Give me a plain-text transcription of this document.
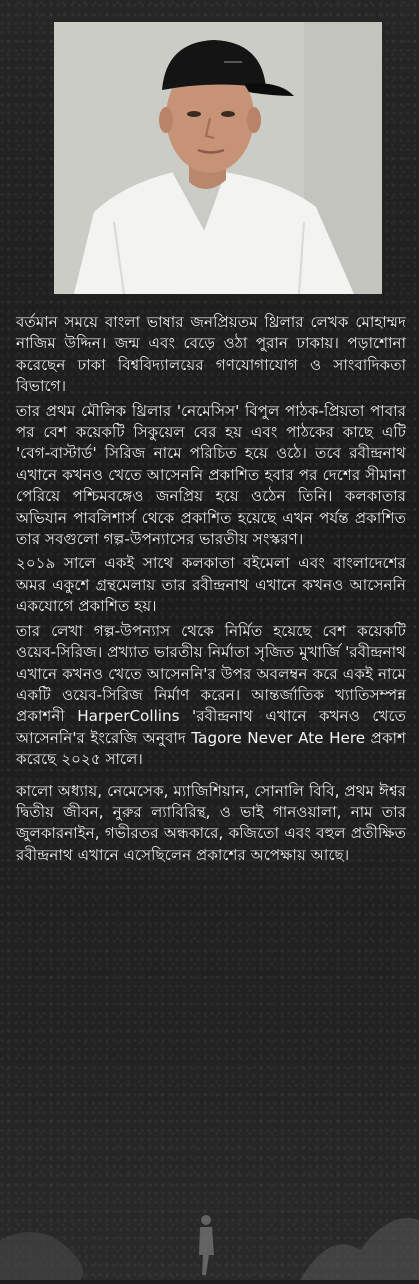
বর্তমান সময়ে বাংলা ভাষার জনপ্রিয়তম থ্রিলার লেখক মোহাম্মদ নাজিম উদ্দিন। জন্ম এবং বেড়ে ওঠা পুরান ঢাকায়। পড়াশোনা করেছেন ঢাকা বিশ্ববিদ্যালয়ের গণযোগাযোগ ও সাংবাদিকতা বিভাগে।

তার প্রথম মৌলিক থ্রিলার 'নেমেসিস' বিপুল পাঠক-প্রিয়তা পাবার পর বেশ কয়েকটি সিকুয়েল বের হয় এবং পাঠকের কাছে এটি 'বেগ-বাস্টার্ড' সিরিজ নামে পরিচিত হয়ে ওঠে। তবে রবীন্দ্রনাথ এখানে কখনও খেতে আসেননি প্রকাশিত হবার পর দেশের সীমানা পেরিয়ে পশ্চিমবঙ্গেও জনপ্রিয় হয়ে ওঠেন তিনি। কলকাতার অভিযান পাবলিশার্স থেকে প্রকাশিত হয়েছে এখন পর্যন্ত প্রকাশিত তার সবগুলো গল্প-উপন্যাসের ভারতীয় সংস্করণ।

২০১৯ সালে একই সাথে কলকাতা বইমেলা এবং বাংলাদেশের অমর একুশে গ্রন্থমেলায় তার রবীন্দ্রনাথ এখানে কখনও আসেননি একযোগে প্রকাশিত হয়।

তার লেখা গল্প-উপন্যাস থেকে নির্মিত হয়েছে বেশ কয়েকটি ওয়েব-সিরিজ। প্রখ্যাত ভারতীয় নির্মাতা সৃজিত মুখার্জি 'রবীন্দ্রনাথ এখানে কখনও খেতে আসেননি'র উপর অবলম্বন করে একই নামে একটি ওয়েব-সিরিজ নির্মাণ করেন। আন্তর্জাতিক খ্যাতিসম্পন্ন প্রকাশনী HarperCollins 'রবীন্দ্রনাথ এখানে কখনও খেতে আসেননি'র ইংরেজি অনুবাদ Tagore Never Ate Here প্রকাশ করেছে ২০২৫ সালে।

কালো অধ্যায়, নেমেসেক, ম্যাজিশিয়ান, সোনালি বিবি, প্রথম ঈশ্বর দ্বিতীয় জীবন, নুরুর ল্যাবিরিন্থ, ও ভাই গানওয়ালা, নাম তার জুলকারনাইন, গভীরতর অন্ধকারে, কজিতো এবং বহুল প্রতীক্ষিত রবীন্দ্রনাথ এখানে এসেছিলেন প্রকাশের অপেক্ষায় আছে।
